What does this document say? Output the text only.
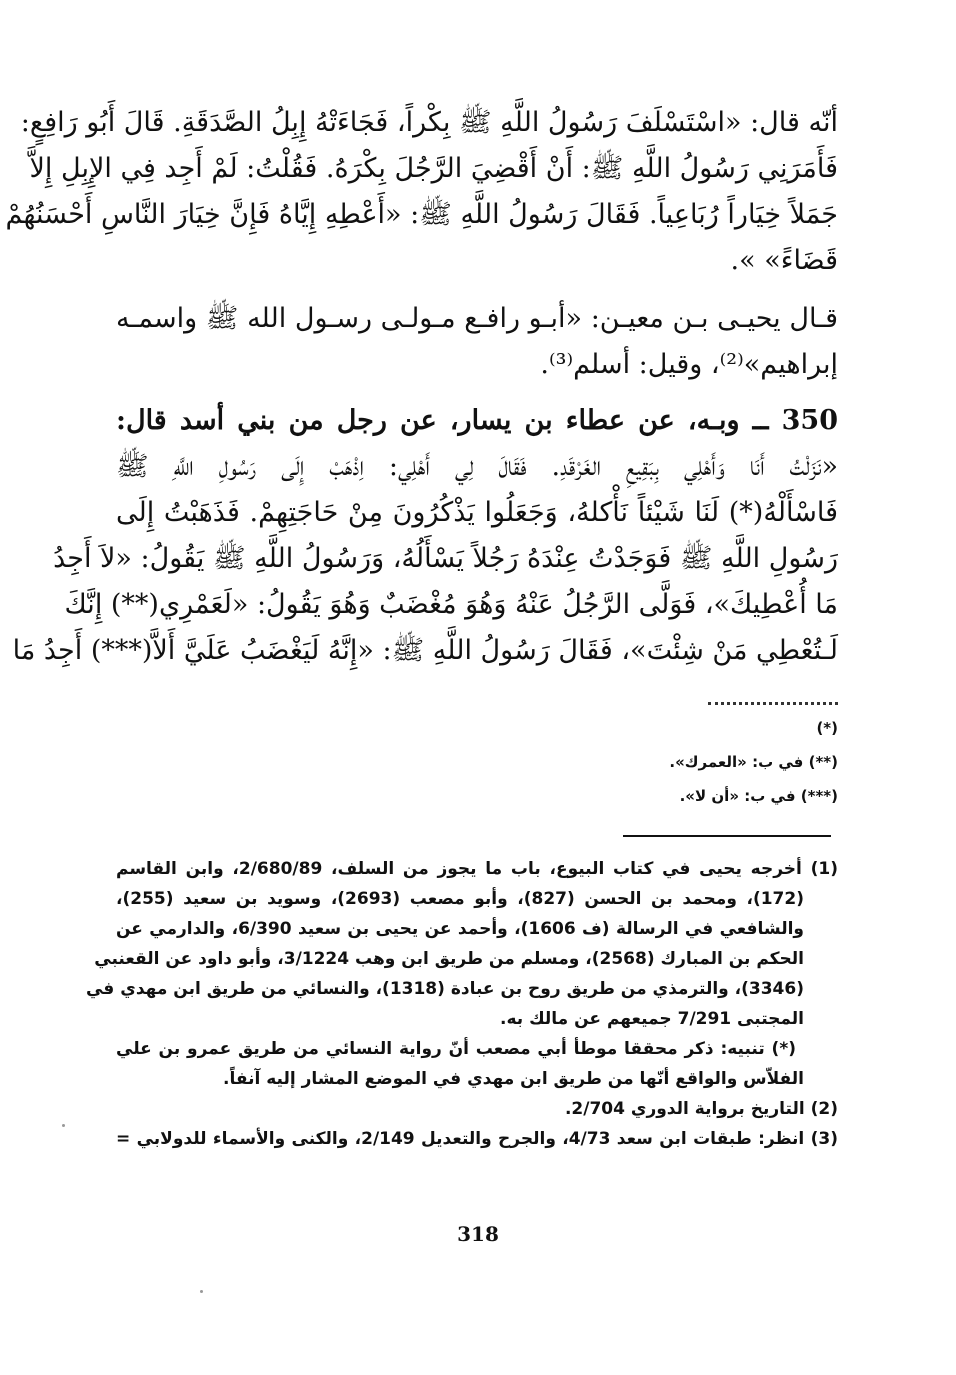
أنّه قال: «اسْتَسْلَفَ رَسُولُ اللَّهِ ﷺ بِكْراً، فَجَاءَتْهُ إِبِلُ الصَّدَقَةِ. قَالَ أَبُو رَافِعٍ:
فَأَمَرَنِي رَسُولُ اللَّهِ ﷺ: أَنْ أَقْضِيَ الرَّجُلَ بِكْرَهُ. فَقُلْتُ: لَمْ أَجِد فِي الإِبِلِ إِلاَّ
جَمَلاً خِيَاراً رُبَاعِياً. فَقَالَ رَسُولُ اللَّهِ ﷺ: «أَعْطِهِ إِيَّاهُ فَإِنَّ خِيَارَ النَّاسِ أَحْسَنُهُمْ
قَضَاءً» ».
قـال يحيـى بـن معيـن: «أبـو رافـع مـولـى رسـول الله ﷺ واسمـه
إبراهيم»⁽²⁾، وقيل: أسلم⁽³⁾.
350 ــ وبـه، عن عطاء بن يسار، عن رجل من بني أسد قال:
«نَزَلْتُ أَنَا وَأَهْلِي بِبَقِيعِ الغَرْقَدِ. فَقَالَ لِي أَهْلِي: اِذْهَبْ إِلَى رَسُولِ اللَّهِ ﷺ
فَاسْأَلْهُ(*) لَنَا شَيْئاً نَأْكلهُ، وَجَعَلُوا يَذْكُرُونَ مِنْ حَاجَتِهِمْ. فَذَهَبْتُ إِلَى
رَسُولِ اللَّهِ ﷺ فَوَجَدْتُ عِنْدَهُ رَجُلاً يَسْأَلُهُ، وَرَسُولُ اللَّهِ ﷺ يَقُولُ: «لاَ أَجِدُ
مَا أُعْطِيكَ»، فَوَلَّى الرَّجُلُ عَنْهُ وَهُوَ مُغْضَبٌ وَهُوَ يَقُولُ: «لَعَمْرِي(**) إِنَّكَ
لَـتُعْطِي مَنْ شِئْتَ»، فَقَالَ رَسُولُ اللَّهِ ﷺ: «إِنَّهُ لَيَغْضَبُ عَلَيَّ أَلاَّ(***) أَجِدُ مَا
(*)
(**) في ب: «العمرك».
(***) في ب: «أن لا».
(1) أخرجه يحيى في كتاب البيوع، باب ما يجوز من السلف، 2/680/89، وابن القاسم
(172)، ومحمد بن الحسن (827)، وأبو مصعب (2693)، وسويد بن سعيد (255)،
والشافعي في الرسالة (ف 1606)، وأحمد عن يحيى بن سعيد 6/390، والدارمي عن
الحكم بن المبارك (2568)، ومسلم من طريق ابن وهب 3/1224، وأبو داود عن القعنبي
(3346)، والترمذي من طريق روح بن عبادة (1318)، والنسائي من طريق ابن مهدي في
المجتبى 7/291 جميعهم عن مالك به.
(*) تنبيه: ذكر محققا موطأ أبي مصعب أنّ رواية النسائي من طريق عمرو بن علي
الفلاّس والواقع أنّها من طريق ابن مهدي في الموضع المشار إليه آنفاً.
(2) التاريخ برواية الدوري 2/704.
(3) انظر: طبقات ابن سعد 4/73، والجرح والتعديل 2/149، والكنى والأسماء للدولابي =
318
